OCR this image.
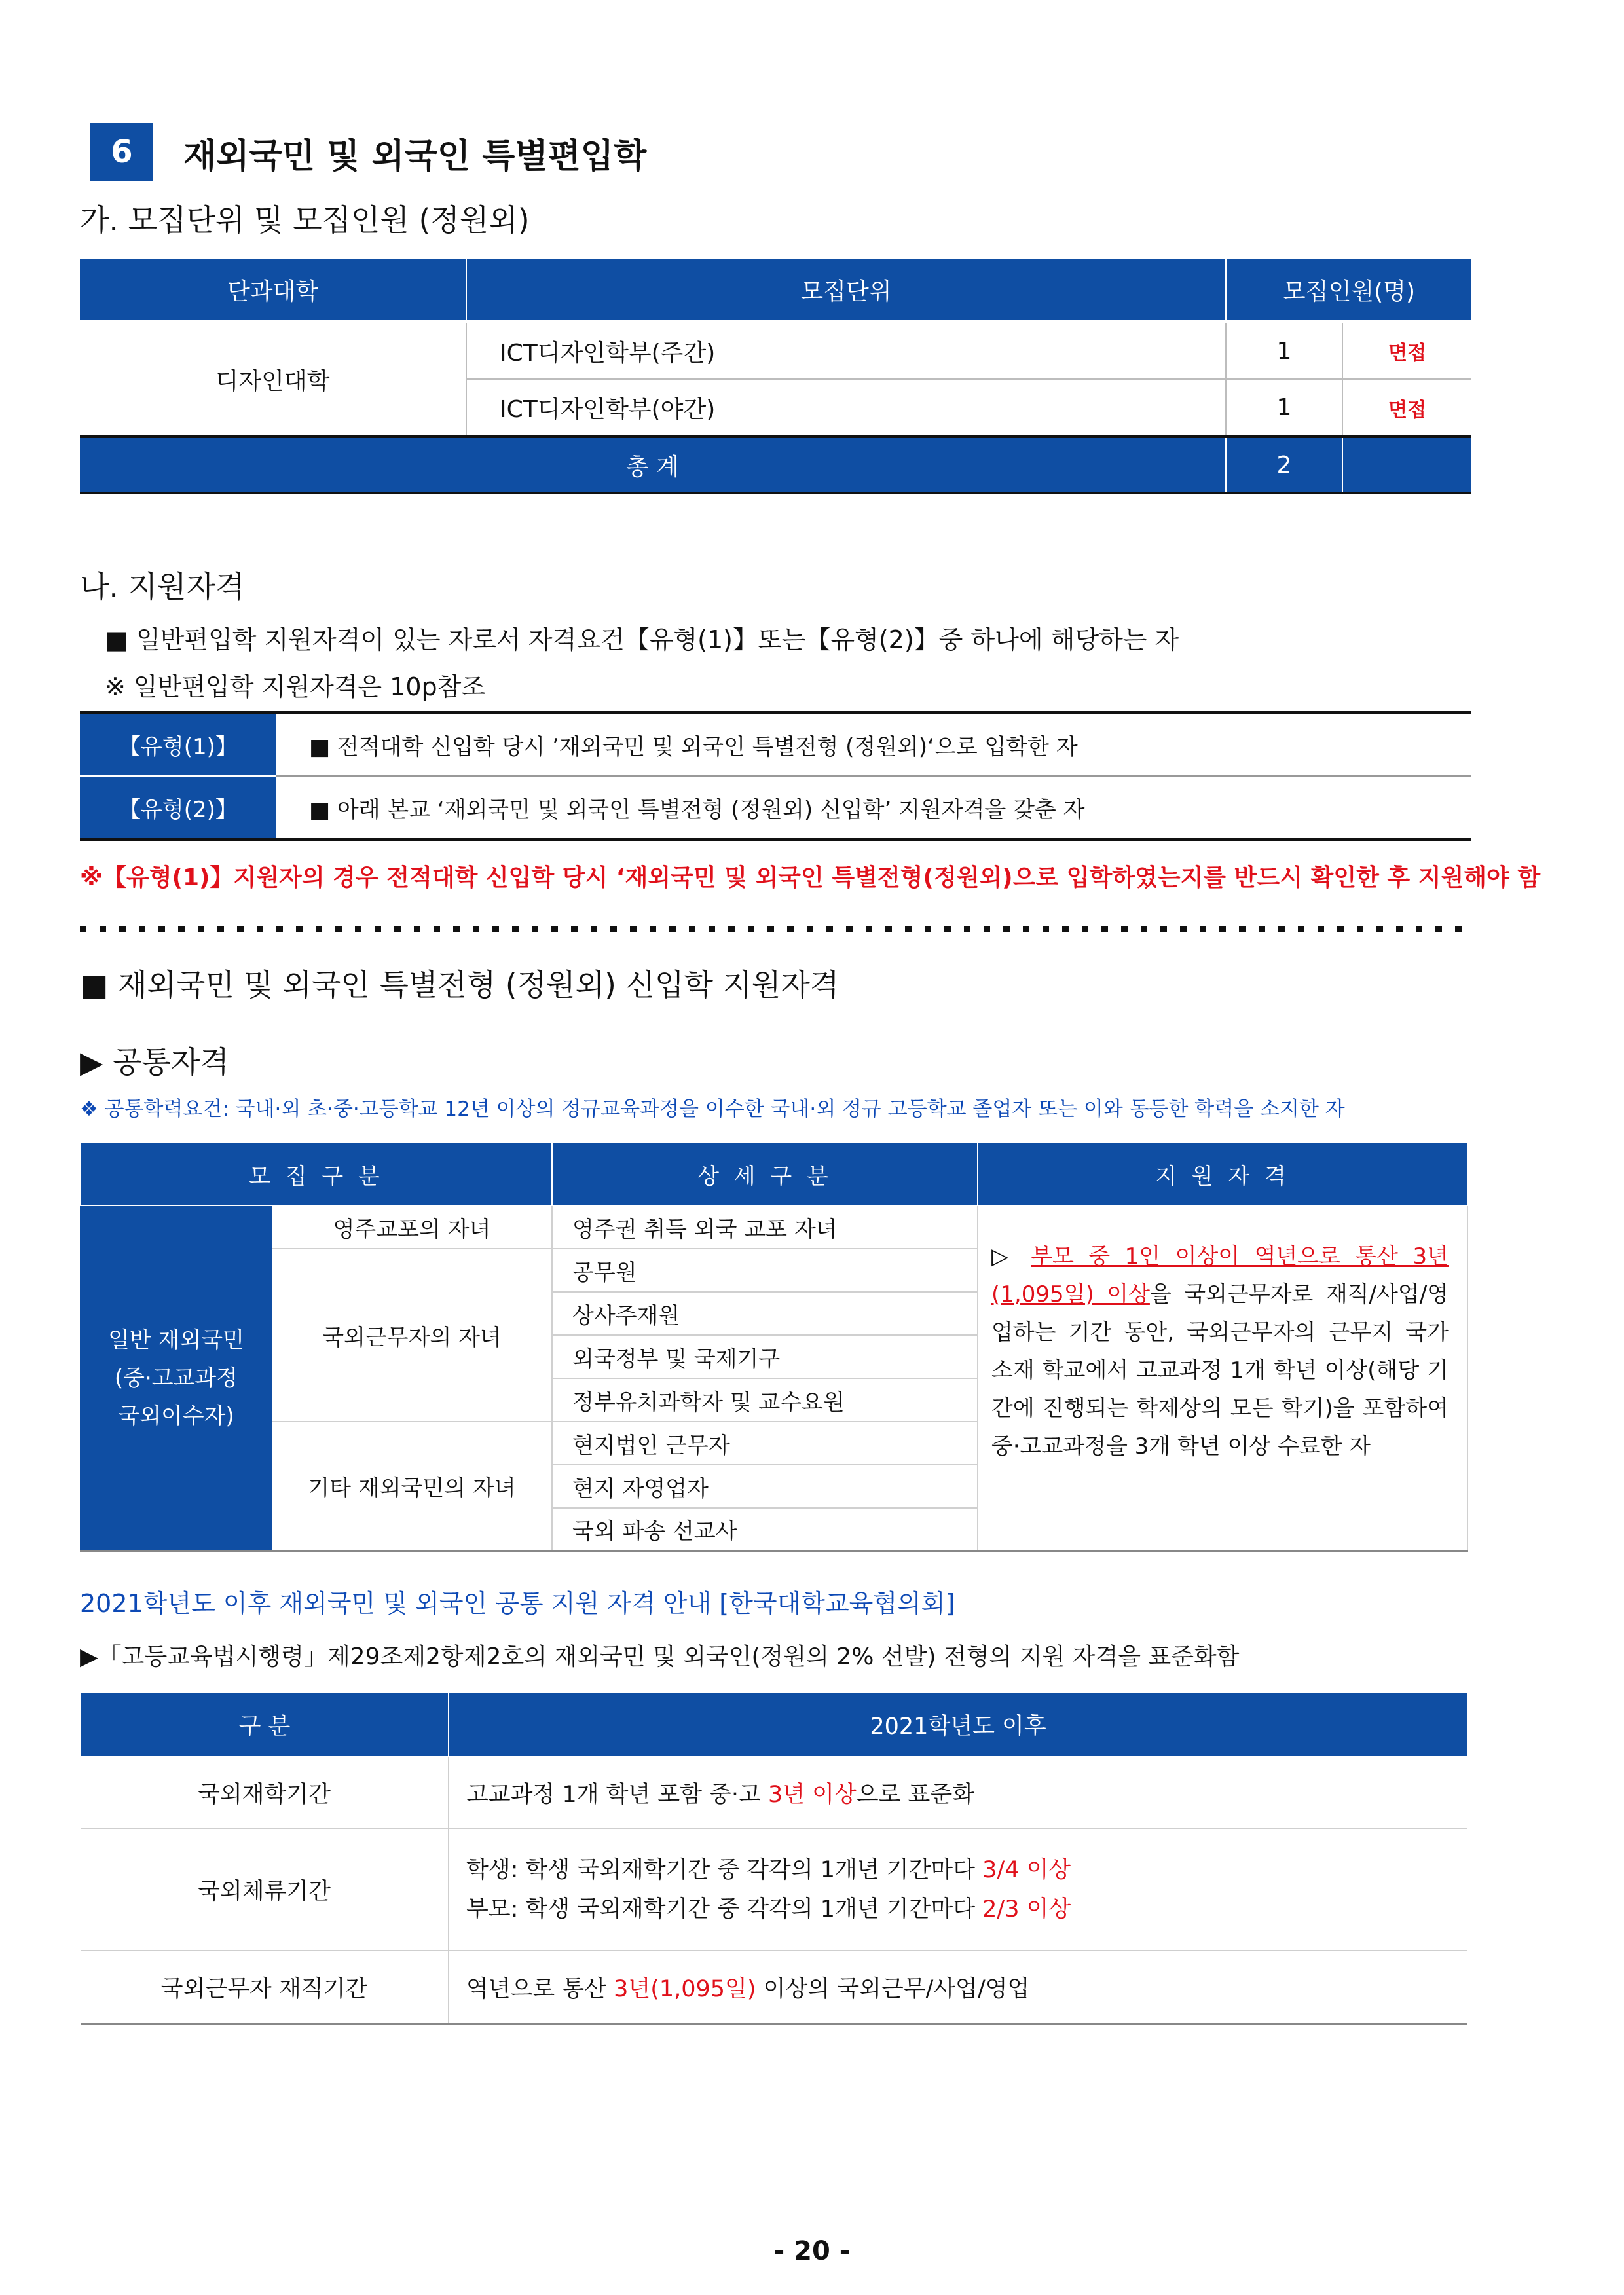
6	재외국민 및 외국인 특별편입학
가. 모집단위 및 모집인원 (정원외)
단과대학	모집단위	모집인원(명)	
디자인대학	ICT디자인학부(주간)	1	면접
	ICT디자인학부(야간)	1	면접
총 계		2	
나. 지원자격
■ 일반편입학 지원자격이 있는 자로서 자격요건【유형(1)】또는【유형(2)】중 하나에 해당하는 자
※ 일반편입학 지원자격은 10p참조
【유형(1)】	■ 전적대학 신입학 당시 ’재외국민 및 외국인 특별전형 (정원외)‘으로 입학한 자
【유형(2)】	■ 아래 본교 ‘재외국민 및 외국인 특별전형 (정원외) 신입학’ 지원자격을 갖춘 자
※【유형(1)】지원자의 경우 전적대학 신입학 당시 ‘재외국민 및 외국인 특별전형(정원외)으로 입학하였는지를 반드시 확인한 후 지원해야 함
■ 재외국민 및 외국인 특별전형 (정원외) 신입학 지원자격
▶ 공통자격
❖ 공통학력요건: 국내·외 초·중·고등학교 12년 이상의 정규교육과정을 이수한 국내·외 정규 고등학교 졸업자 또는 이와 동등한 학력을 소지한 자
모 집 구 분		상 세 구 분	지 원 자 격
일반 재외국민
(중·고교과정
국외이수자)	영주교포의 자녀	영주권 취득 외국 교포 자녀	▷ 부모 중 1인 이상이 역년으로 통산 3년 (1,095일) 이상을 국외근무자로 재직/사업/영업하는 기간 동안, 국외근무자의 근무지 국가 소재 학교에서 고교과정 1개 학년 이상(해당 기간에 진행되는 학제상의 모든 학기)을 포함하여 중·고교과정을 3개 학년 이상 수료한 자
	국외근무자의 자녀	공무원	
		상사주재원	
		외국정부 및 국제기구	
		정부유치과학자 및 교수요원	
	기타 재외국민의 자녀	현지법인 근무자	
		현지 자영업자	
		국외 파송 선교사	
2021학년도 이후 재외국민 및 외국인 공통 지원 자격 안내 [한국대학교육협의회]
▶「고등교육법시행령」제29조제2항제2호의 재외국민 및 외국인(정원의 2% 선발) 전형의 지원 자격을 표준화함
구 분	2021학년도 이후
국외재학기간	고교과정 1개 학년 포함 중·고 3년 이상으로 표준화
국외체류기간	학생: 학생 국외재학기간 중 각각의 1개년 기간마다 3/4 이상
부모: 학생 국외재학기간 중 각각의 1개년 기간마다 2/3 이상
국외근무자 재직기간	역년으로 통산 3년(1,095일) 이상의 국외근무/사업/영업
- 20 -
